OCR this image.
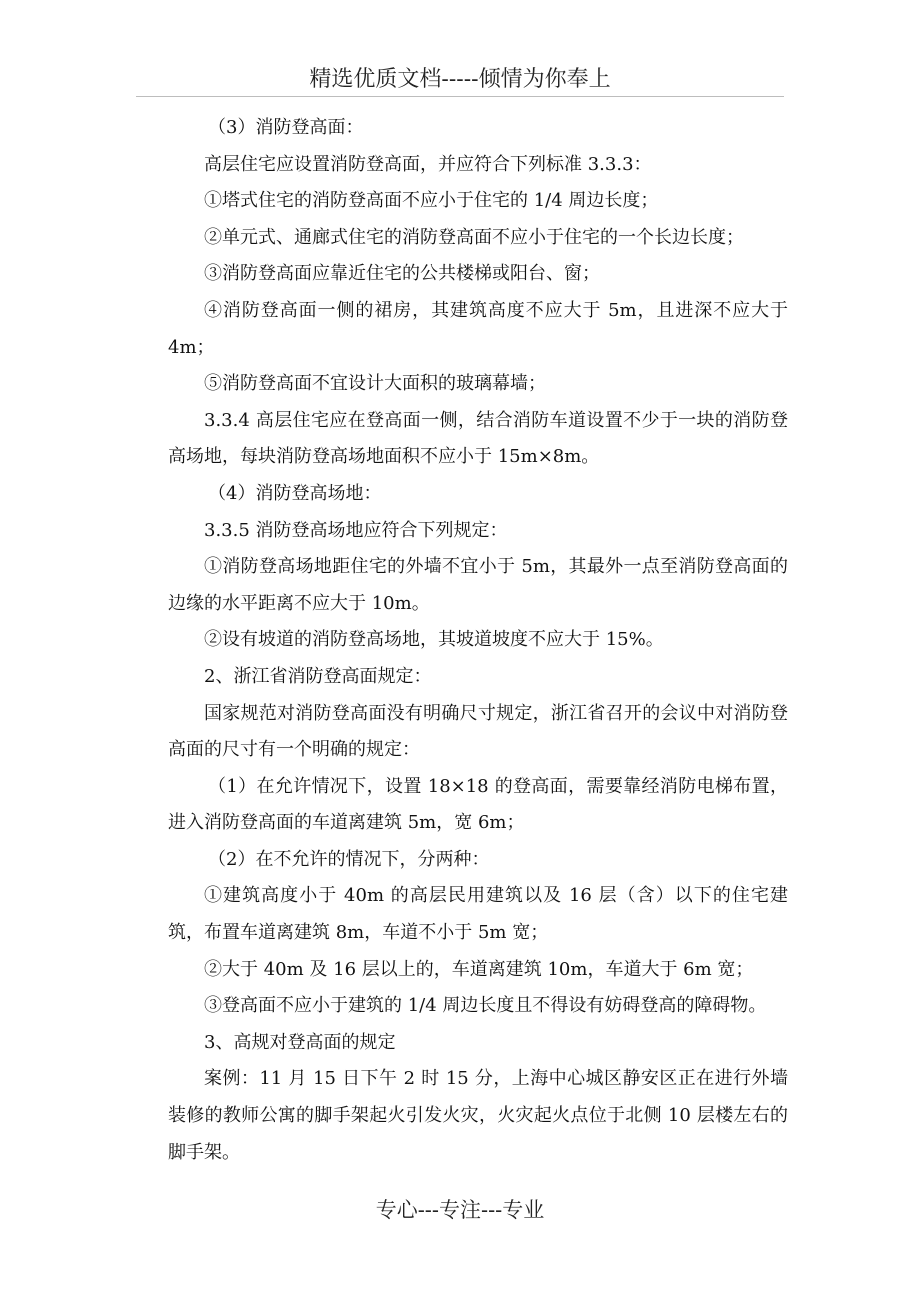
精选优质文档-----倾情为你奉上

（3）消防登高面：

高层住宅应设置消防登高面，并应符合下列标准 3.3.3：

①塔式住宅的消防登高面不应小于住宅的 1/4 周边长度；

②单元式、通廊式住宅的消防登高面不应小于住宅的一个长边长度；

③消防登高面应靠近住宅的公共楼梯或阳台、窗；

④消防登高面一侧的裙房，其建筑高度不应大于 5m，且进深不应大于 4m；

⑤消防登高面不宜设计大面积的玻璃幕墙；

3.3.4 高层住宅应在登高面一侧，结合消防车道设置不少于一块的消防登高场地，每块消防登高场地面积不应小于 15m×8m。

（4）消防登高场地：

3.3.5 消防登高场地应符合下列规定：

①消防登高场地距住宅的外墙不宜小于 5m，其最外一点至消防登高面的边缘的水平距离不应大于 10m。

②设有坡道的消防登高场地，其坡道坡度不应大于 15%。

2、浙江省消防登高面规定：

国家规范对消防登高面没有明确尺寸规定，浙江省召开的会议中对消防登高面的尺寸有一个明确的规定：

（1）在允许情况下，设置 18×18 的登高面，需要靠经消防电梯布置，进入消防登高面的车道离建筑 5m，宽 6m；

（2）在不允许的情况下，分两种：

①建筑高度小于 40m 的高层民用建筑以及 16 层（含）以下的住宅建筑，布置车道离建筑 8m，车道不小于 5m 宽；

②大于 40m 及 16 层以上的，车道离建筑 10m，车道大于 6m 宽；

③登高面不应小于建筑的 1/4 周边长度且不得设有妨碍登高的障碍物。

3、高规对登高面的规定

案例：11 月 15 日下午 2 时 15 分，上海中心城区静安区正在进行外墙装修的教师公寓的脚手架起火引发火灾，火灾起火点位于北侧 10 层楼左右的脚手架。

专心---专注---专业
